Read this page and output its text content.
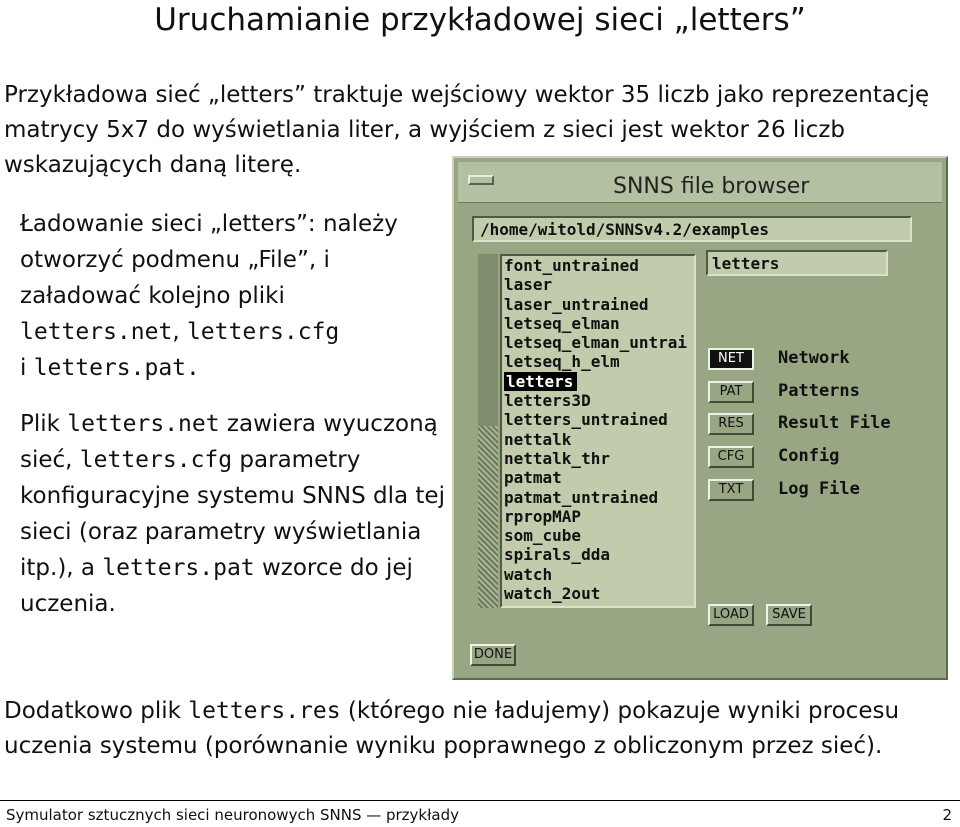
Uruchamianie przykładowej sieci „letters”
Przykładowa sieć „letters” traktuje wejściowy wektor 35 liczb jako reprezentację matrycy 5x7 do wyświetlania liter, a wyjściem z sieci jest wektor 26 liczb wskazujących daną literę.
Ładowanie sieci „letters”: należy otworzyć podmenu „File”, i załadować kolejno pliki
letters.net, letters.cfg
i letters.pat.
Plik letters.net zawiera wyuczoną sieć, letters.cfg parametry konfiguracyjne systemu SNNS dla tej sieci (oraz parametry wyświetlania itp.), a letters.pat wzorce do jej uczenia.
SNNS file browser
/home/witold/SNNSv4.2/examples
font_untrained
laser
laser_untrained
letseq_elman
letseq_elman_untrai
letseq_h_elm
letters
letters3D
letters_untrained
nettalk
nettalk_thr
patmat
patmat_untrained
rpropMAP
som_cube
spirals_dda
watch
watch_2out
letters
NET	Network
PAT	Patterns
RES	Result File
CFG	Config
TXT	Log File
LOAD	SAVE
DONE
Dodatkowo plik letters.res (którego nie ładujemy) pokazuje wyniki procesu uczenia systemu (porównanie wyniku poprawnego z obliczonym przez sieć).
Symulator sztucznych sieci neuronowych SNNS — przykłady	2
